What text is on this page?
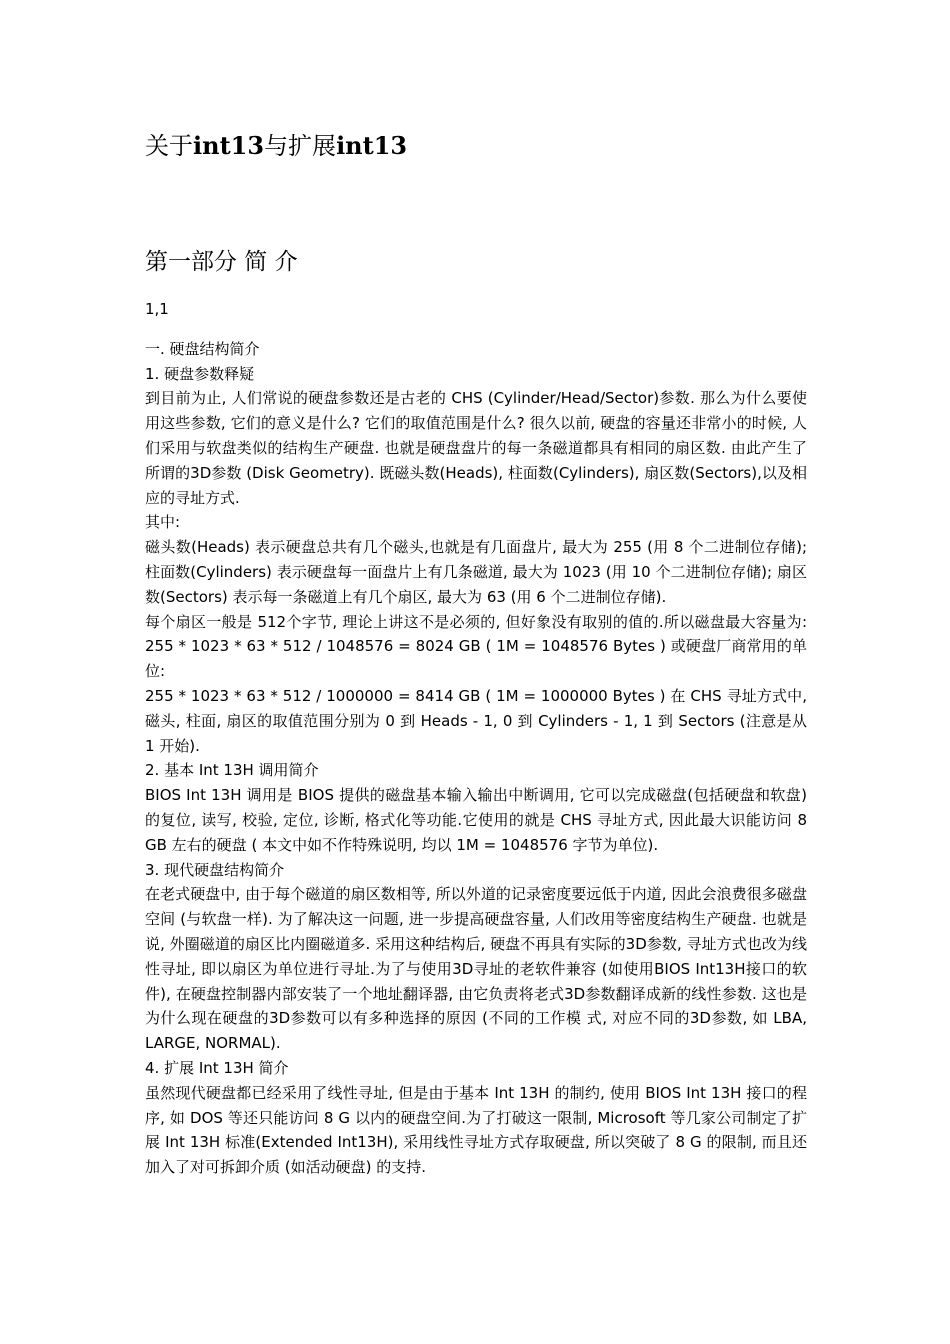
关于int13与扩展int13
第一部分 简 介

1,1

一. 硬盘结构简介

1. 硬盘参数释疑

到目前为止, 人们常说的硬盘参数还是古老的 CHS (Cylinder/Head/Sector)参数. 那么为什么要使用这些参数, 它们的意义是什么? 它们的取值范围是什么? 很久以前, 硬盘的容量还非常小的时候, 人们采用与软盘类似的结构生产硬盘. 也就是硬盘盘片的每一条磁道都具有相同的扇区数. 由此产生了所谓的3D参数 (Disk Geometry). 既磁头数(Heads), 柱面数(Cylinders), 扇区数(Sectors),以及相应的寻址方式.

其中:

磁头数(Heads) 表示硬盘总共有几个磁头,也就是有几面盘片, 最大为 255 (用 8 个二进制位存储); 柱面数(Cylinders) 表示硬盘每一面盘片上有几条磁道, 最大为 1023 (用 10 个二进制位存储); 扇区数(Sectors) 表示每一条磁道上有几个扇区, 最大为 63 (用 6 个二进制位存储).

每个扇区一般是 512个字节, 理论上讲这不是必须的, 但好象没有取别的值的.所以磁盘最大容量为: 255 * 1023 * 63 * 512 / 1048576 = 8024 GB ( 1M = 1048576 Bytes ) 或硬盘厂商常用的单位:

255 * 1023 * 63 * 512 / 1000000 = 8414 GB ( 1M = 1000000 Bytes ) 在 CHS 寻址方式中, 磁头, 柱面, 扇区的取值范围分别为 0 到 Heads - 1, 0 到 Cylinders - 1, 1 到 Sectors (注意是从 1 开始).

2. 基本 Int 13H 调用简介

BIOS Int 13H 调用是 BIOS 提供的磁盘基本输入输出中断调用, 它可以完成磁盘(包括硬盘和软盘)的复位, 读写, 校验, 定位, 诊断, 格式化等功能.它使用的就是 CHS 寻址方式, 因此最大识能访问 8 GB 左右的硬盘 ( 本文中如不作特殊说明, 均以 1M = 1048576 字节为单位).

3. 现代硬盘结构简介

在老式硬盘中, 由于每个磁道的扇区数相等, 所以外道的记录密度要远低于内道, 因此会浪费很多磁盘空间 (与软盘一样). 为了解决这一问题, 进一步提高硬盘容量, 人们改用等密度结构生产硬盘. 也就是说, 外圈磁道的扇区比内圈磁道多. 采用这种结构后, 硬盘不再具有实际的3D参数, 寻址方式也改为线性寻址, 即以扇区为单位进行寻址.为了与使用3D寻址的老软件兼容 (如使用BIOS Int13H接口的软件), 在硬盘控制器内部安装了一个地址翻译器, 由它负责将老式3D参数翻译成新的线性参数. 这也是为什么现在硬盘的3D参数可以有多种选择的原因 (不同的工作模 式, 对应不同的3D参数, 如 LBA, LARGE, NORMAL).

4. 扩展 Int 13H 简介

虽然现代硬盘都已经采用了线性寻址, 但是由于基本 Int 13H 的制约, 使用 BIOS Int 13H 接口的程序, 如 DOS 等还只能访问 8 G 以内的硬盘空间.为了打破这一限制, Microsoft 等几家公司制定了扩展 Int 13H 标准(Extended Int13H), 采用线性寻址方式存取硬盘, 所以突破了 8 G 的限制, 而且还加入了对可拆卸介质 (如活动硬盘) 的支持.
